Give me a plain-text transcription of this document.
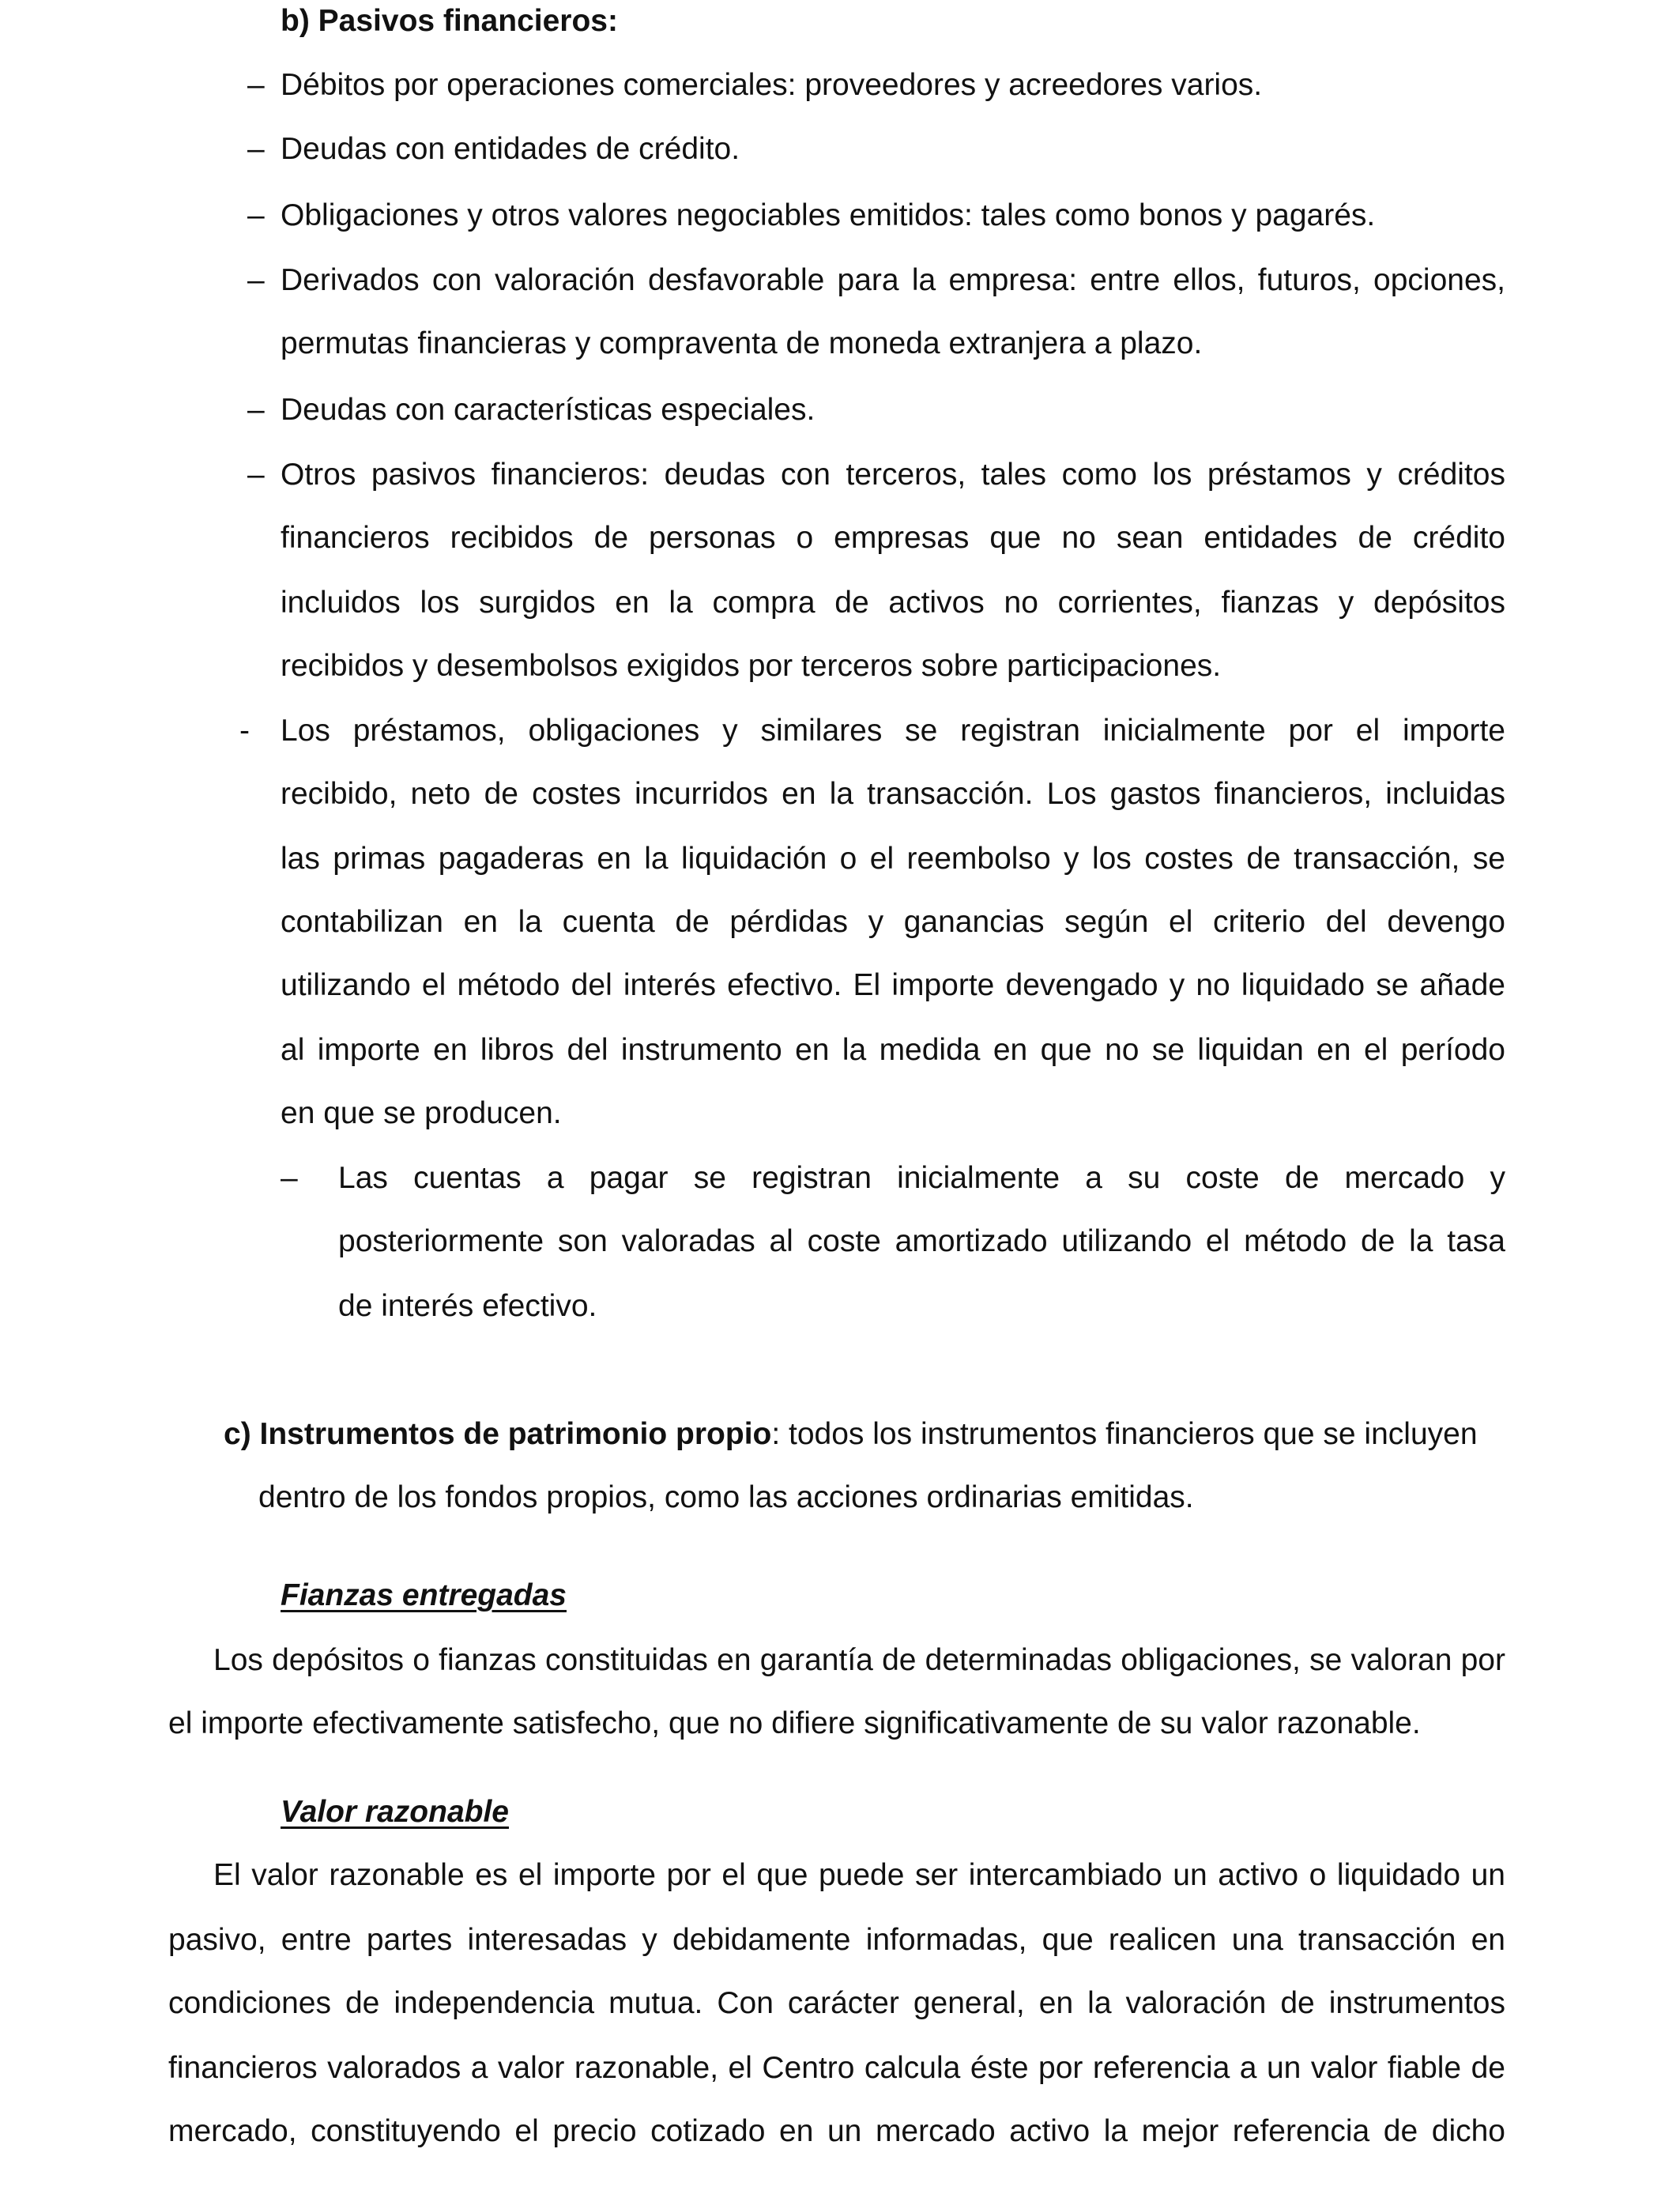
b) Pasivos financieros:
– Débitos por operaciones comerciales: proveedores y acreedores varios.
– Deudas con entidades de crédito.
– Obligaciones y otros valores negociables emitidos: tales como bonos y pagarés.
– Derivados con valoración desfavorable para la empresa: entre ellos, futuros, opciones,
permutas financieras y compraventa de moneda extranjera a plazo.
– Deudas con características especiales.
– Otros pasivos financieros: deudas con terceros, tales como los préstamos y créditos
financieros recibidos de personas o empresas que no sean entidades de crédito
incluidos los surgidos en la compra de activos no corrientes, fianzas y depósitos
recibidos y desembolsos exigidos por terceros sobre participaciones.
- Los préstamos, obligaciones y similares se registran inicialmente por el importe
recibido, neto de costes incurridos en la transacción. Los gastos financieros, incluidas
las primas pagaderas en la liquidación o el reembolso y los costes de transacción, se
contabilizan en la cuenta de pérdidas y ganancias según el criterio del devengo
utilizando el método del interés efectivo. El importe devengado y no liquidado se añade
al importe en libros del instrumento en la medida en que no se liquidan en el período
en que se producen.
– Las cuentas a pagar se registran inicialmente a su coste de mercado y
posteriormente son valoradas al coste amortizado utilizando el método de la tasa
de interés efectivo.
c) Instrumentos de patrimonio propio: todos los instrumentos financieros que se incluyen
dentro de los fondos propios, como las acciones ordinarias emitidas.
Fianzas entregadas
Los depósitos o fianzas constituidas en garantía de determinadas obligaciones, se valoran por
el importe efectivamente satisfecho, que no difiere significativamente de su valor razonable.
Valor razonable
El valor razonable es el importe por el que puede ser intercambiado un activo o liquidado un
pasivo, entre partes interesadas y debidamente informadas, que realicen una transacción en
condiciones de independencia mutua. Con carácter general, en la valoración de instrumentos
financieros valorados a valor razonable, el Centro calcula éste por referencia a un valor fiable de
mercado, constituyendo el precio cotizado en un mercado activo la mejor referencia de dicho
